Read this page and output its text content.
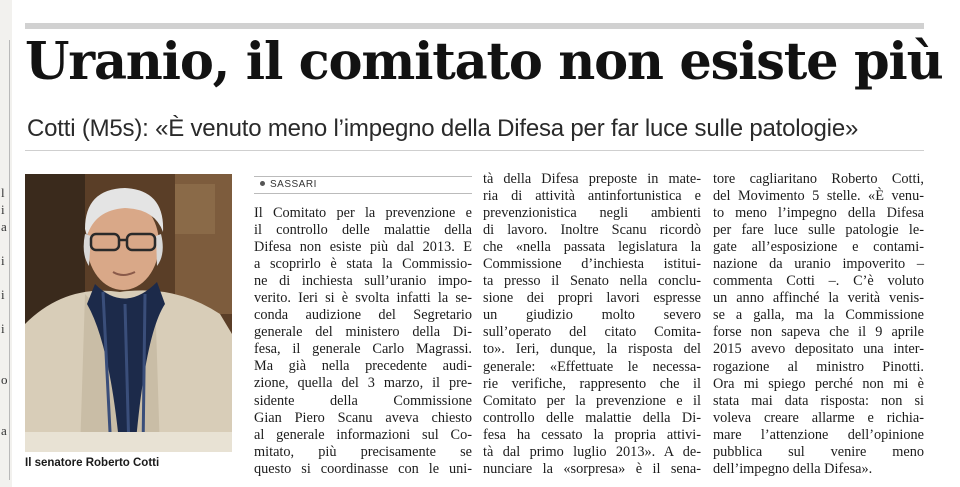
l
i
a
i
i
i
o
a
Uranio, il comitato non esiste più
Cotti (M5s): «È venuto meno l’impegno della Difesa per far luce sulle patologie»
Il senatore Roberto Cotti
SASSARI
Il Comitato per la prevenzione e
il controllo delle malattie della
Difesa non esiste più dal 2013. E
a scoprirlo è stata la Commissio-
ne di inchiesta sull’uranio impo-
verito. Ieri si è svolta infatti la se-
conda audizione del Segretario
generale del ministero della Di-
fesa, il generale Carlo Magrassi.
Ma già nella precedente audi-
zione, quella del 3 marzo, il pre-
sidente della Commissione
Gian Piero Scanu aveva chiesto
al generale informazioni sul Co-
mitato, più precisamente se
questo si coordinasse con le uni-
tà della Difesa preposte in mate-
ria di attività antinfortunistica e
prevenzionistica negli ambienti
di lavoro. Inoltre Scanu ricordò
che «nella passata legislatura la
Commissione d’inchiesta istitui-
ta presso il Senato nella conclu-
sione dei propri lavori espresse
un giudizio molto severo
sull’operato del citato Comita-
to». Ieri, dunque, la risposta del
generale: «Effettuate le necessa-
rie verifiche, rappresento che il
Comitato per la prevenzione e il
controllo delle malattie della Di-
fesa ha cessato la propria attivi-
tà dal primo luglio 2013». A de-
nunciare la «sorpresa» è il sena-
tore cagliaritano Roberto Cotti,
del Movimento 5 stelle. «È venu-
to meno l’impegno della Difesa
per fare luce sulle patologie le-
gate all’esposizione e contami-
nazione da uranio impoverito –
commenta Cotti –. C’è voluto
un anno affinché la verità venis-
se a galla, ma la Commissione
forse non sapeva che il 9 aprile
2015 avevo depositato una inter-
rogazione al ministro Pinotti.
Ora mi spiego perché non mi è
stata mai data risposta: non si
voleva creare allarme e richia-
mare l’attenzione dell’opinione
pubblica sul venire meno
dell’impegno della Difesa».
